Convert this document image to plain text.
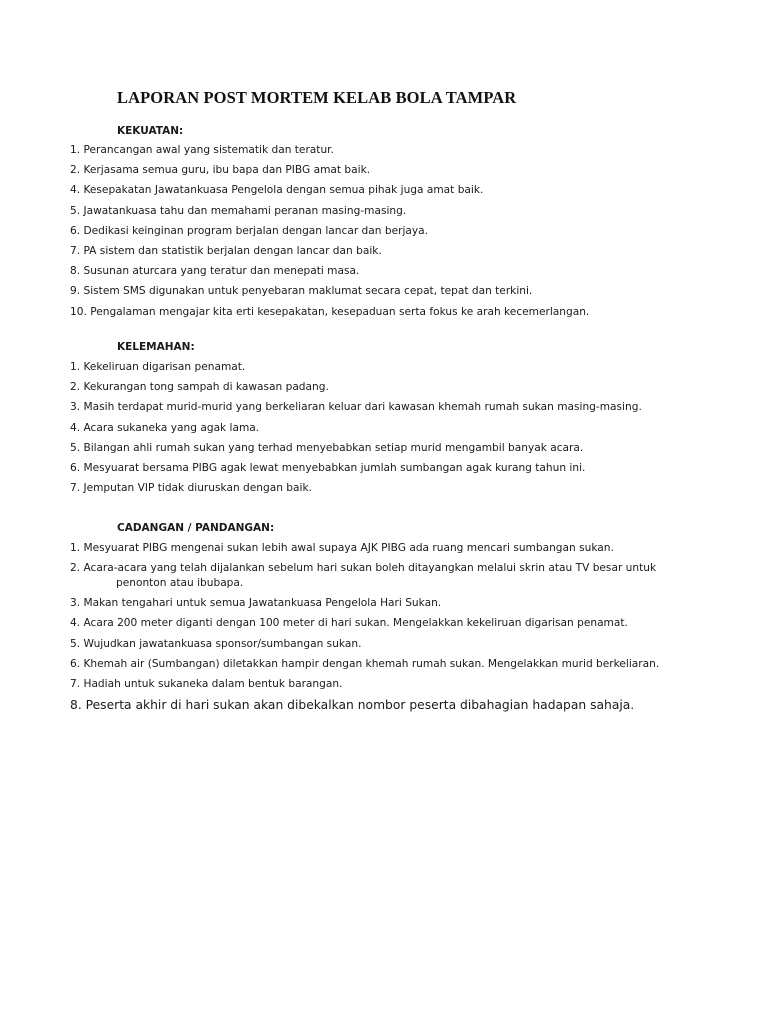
LAPORAN POST MORTEM KELAB BOLA TAMPAR
KEKUATAN:
1. Perancangan awal yang sistematik dan teratur.
2. Kerjasama semua guru, ibu bapa dan PIBG amat baik.
4. Kesepakatan Jawatankuasa Pengelola dengan semua pihak juga amat baik.
5. Jawatankuasa tahu dan memahami peranan masing-masing.
6. Dedikasi keinginan program berjalan dengan lancar dan berjaya.
7. PA sistem dan statistik berjalan dengan lancar dan baik.
8. Susunan aturcara yang teratur dan menepati masa.
9. Sistem SMS digunakan untuk penyebaran maklumat secara cepat, tepat dan terkini.
10. Pengalaman mengajar kita erti kesepakatan, kesepaduan serta fokus ke arah kecemerlangan.
KELEMAHAN:
1. Kekeliruan digarisan penamat.
2. Kekurangan tong sampah di kawasan padang.
3. Masih terdapat murid-murid yang berkeliaran keluar dari kawasan khemah rumah sukan masing-masing.
4. Acara sukaneka yang agak lama.
5. Bilangan ahli rumah sukan yang terhad menyebabkan setiap murid mengambil banyak acara.
6. Mesyuarat bersama PIBG agak lewat menyebabkan jumlah sumbangan agak kurang tahun ini.
7. Jemputan VIP tidak diuruskan dengan baik.
CADANGAN / PANDANGAN:
1. Mesyuarat PIBG mengenai sukan lebih awal supaya AJK PIBG ada ruang mencari sumbangan sukan.
2. Acara-acara yang telah dijalankan sebelum hari sukan boleh ditayangkan melalui skrin atau TV besar untuk penonton atau ibubapa.
3. Makan tengahari untuk semua Jawatankuasa Pengelola Hari Sukan.
4. Acara 200 meter diganti dengan 100 meter di hari sukan. Mengelakkan kekeliruan digarisan penamat.
5. Wujudkan jawatankuasa sponsor/sumbangan sukan.
6. Khemah air (Sumbangan) diletakkan hampir dengan khemah rumah sukan. Mengelakkan murid berkeliaran.
7. Hadiah untuk sukaneka dalam bentuk barangan.
8. Peserta akhir di hari sukan akan dibekalkan nombor peserta dibahagian hadapan sahaja.
